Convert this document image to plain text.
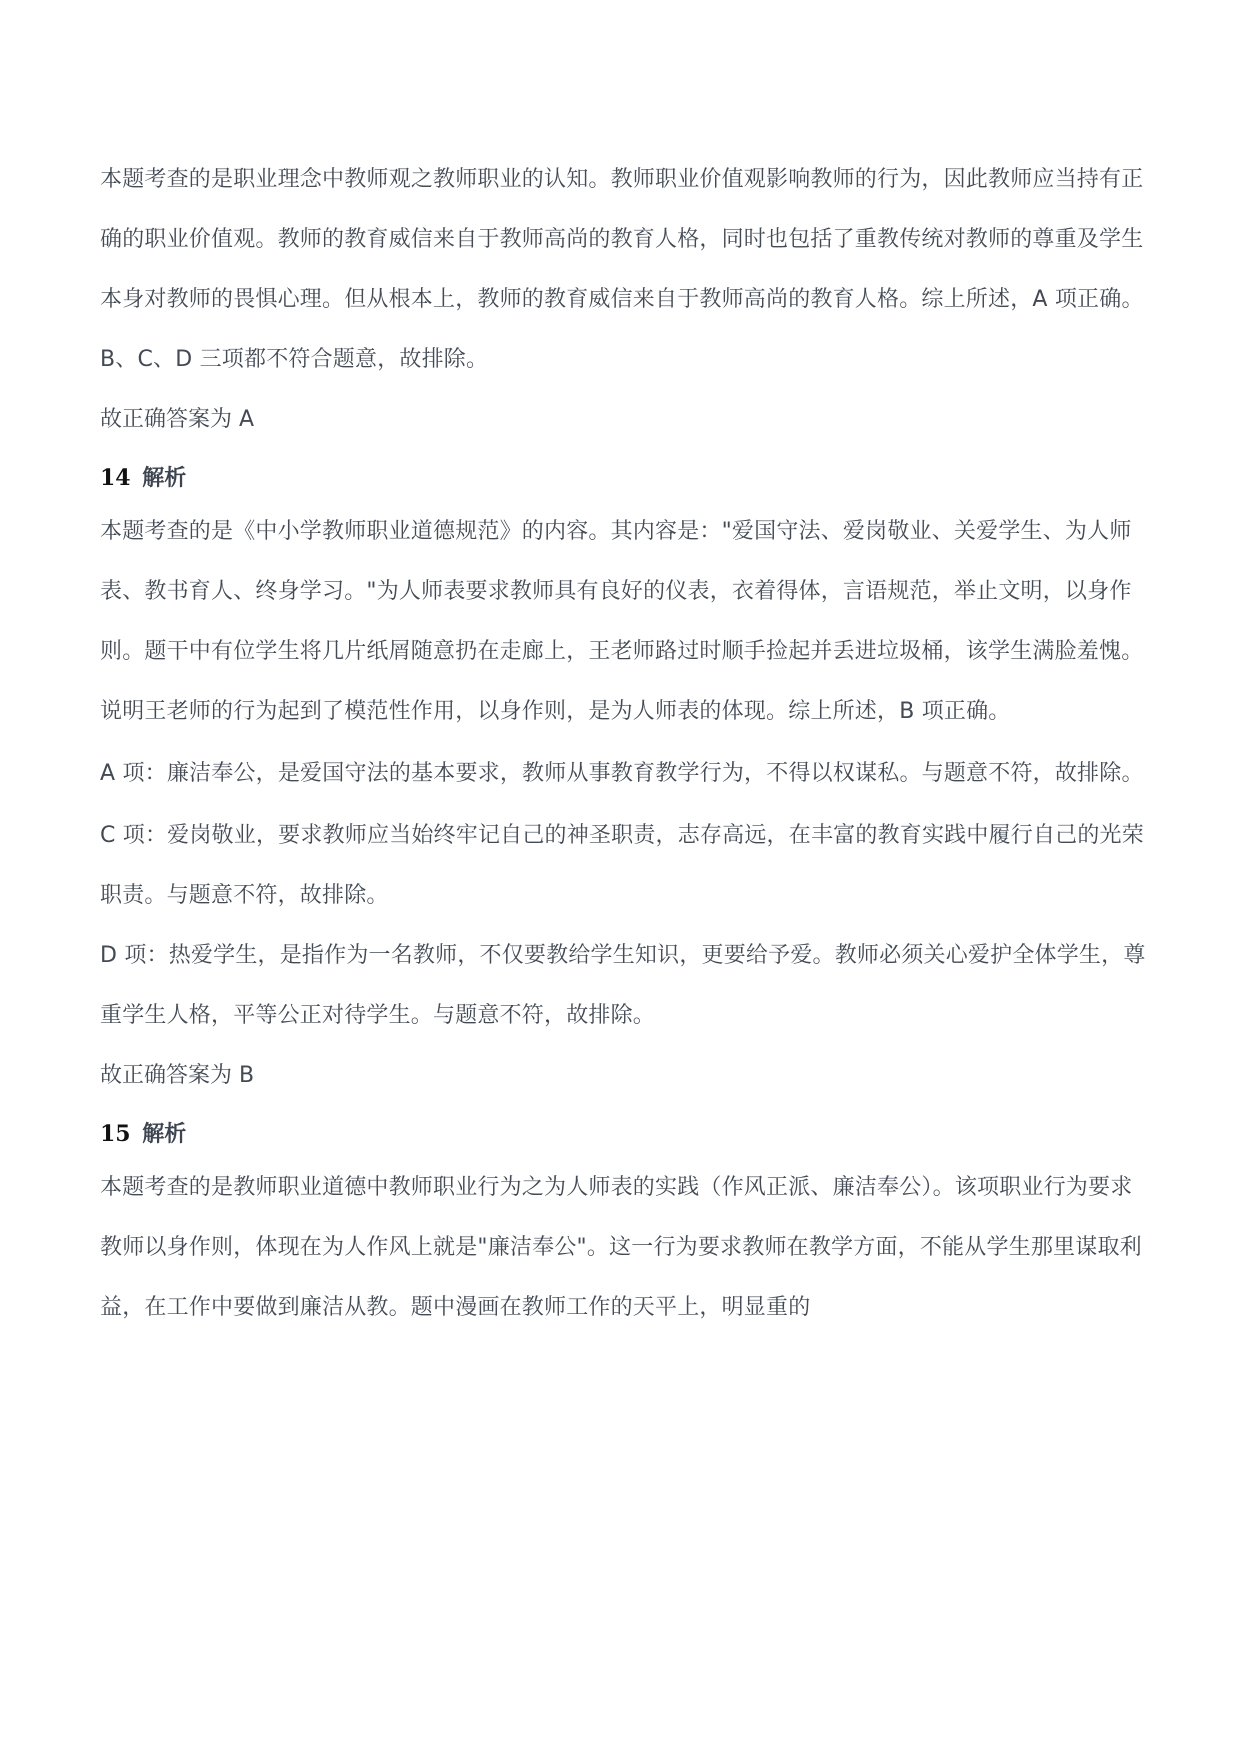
本题考查的是职业理念中教师观之教师职业的认知。教师职业价值观影响教师的行为，因此教师应当持有正确的职业价值观。教师的教育威信来自于教师高尚的教育人格，同时也包括了重教传统对教师的尊重及学生本身对教师的畏惧心理。但从根本上，教师的教育威信来自于教师高尚的教育人格。综上所述，A 项正确。B、C、D 三项都不符合题意，故排除。

故正确答案为 A

14 解析

本题考查的是《中小学教师职业道德规范》的内容。其内容是："爱国守法、爱岗敬业、关爱学生、为人师表、教书育人、终身学习。"为人师表要求教师具有良好的仪表，衣着得体，言语规范，举止文明，以身作则。题干中有位学生将几片纸屑随意扔在走廊上，王老师路过时顺手捡起并丢进垃圾桶，该学生满脸羞愧。说明王老师的行为起到了模范性作用，以身作则，是为人师表的体现。综上所述，B 项正确。

A 项：廉洁奉公，是爱国守法的基本要求，教师从事教育教学行为，不得以权谋私。与题意不符，故排除。

C 项：爱岗敬业，要求教师应当始终牢记自己的神圣职责，志存高远，在丰富的教育实践中履行自己的光荣职责。与题意不符，故排除。

D 项：热爱学生，是指作为一名教师，不仅要教给学生知识，更要给予爱。教师必须关心爱护全体学生，尊重学生人格，平等公正对待学生。与题意不符，故排除。

故正确答案为 B

15 解析

本题考查的是教师职业道德中教师职业行为之为人师表的实践（作风正派、廉洁奉公）。该项职业行为要求教师以身作则，体现在为人作风上就是"廉洁奉公"。这一行为要求教师在教学方面，不能从学生那里谋取利益，在工作中要做到廉洁从教。题中漫画在教师工作的天平上，明显重的
